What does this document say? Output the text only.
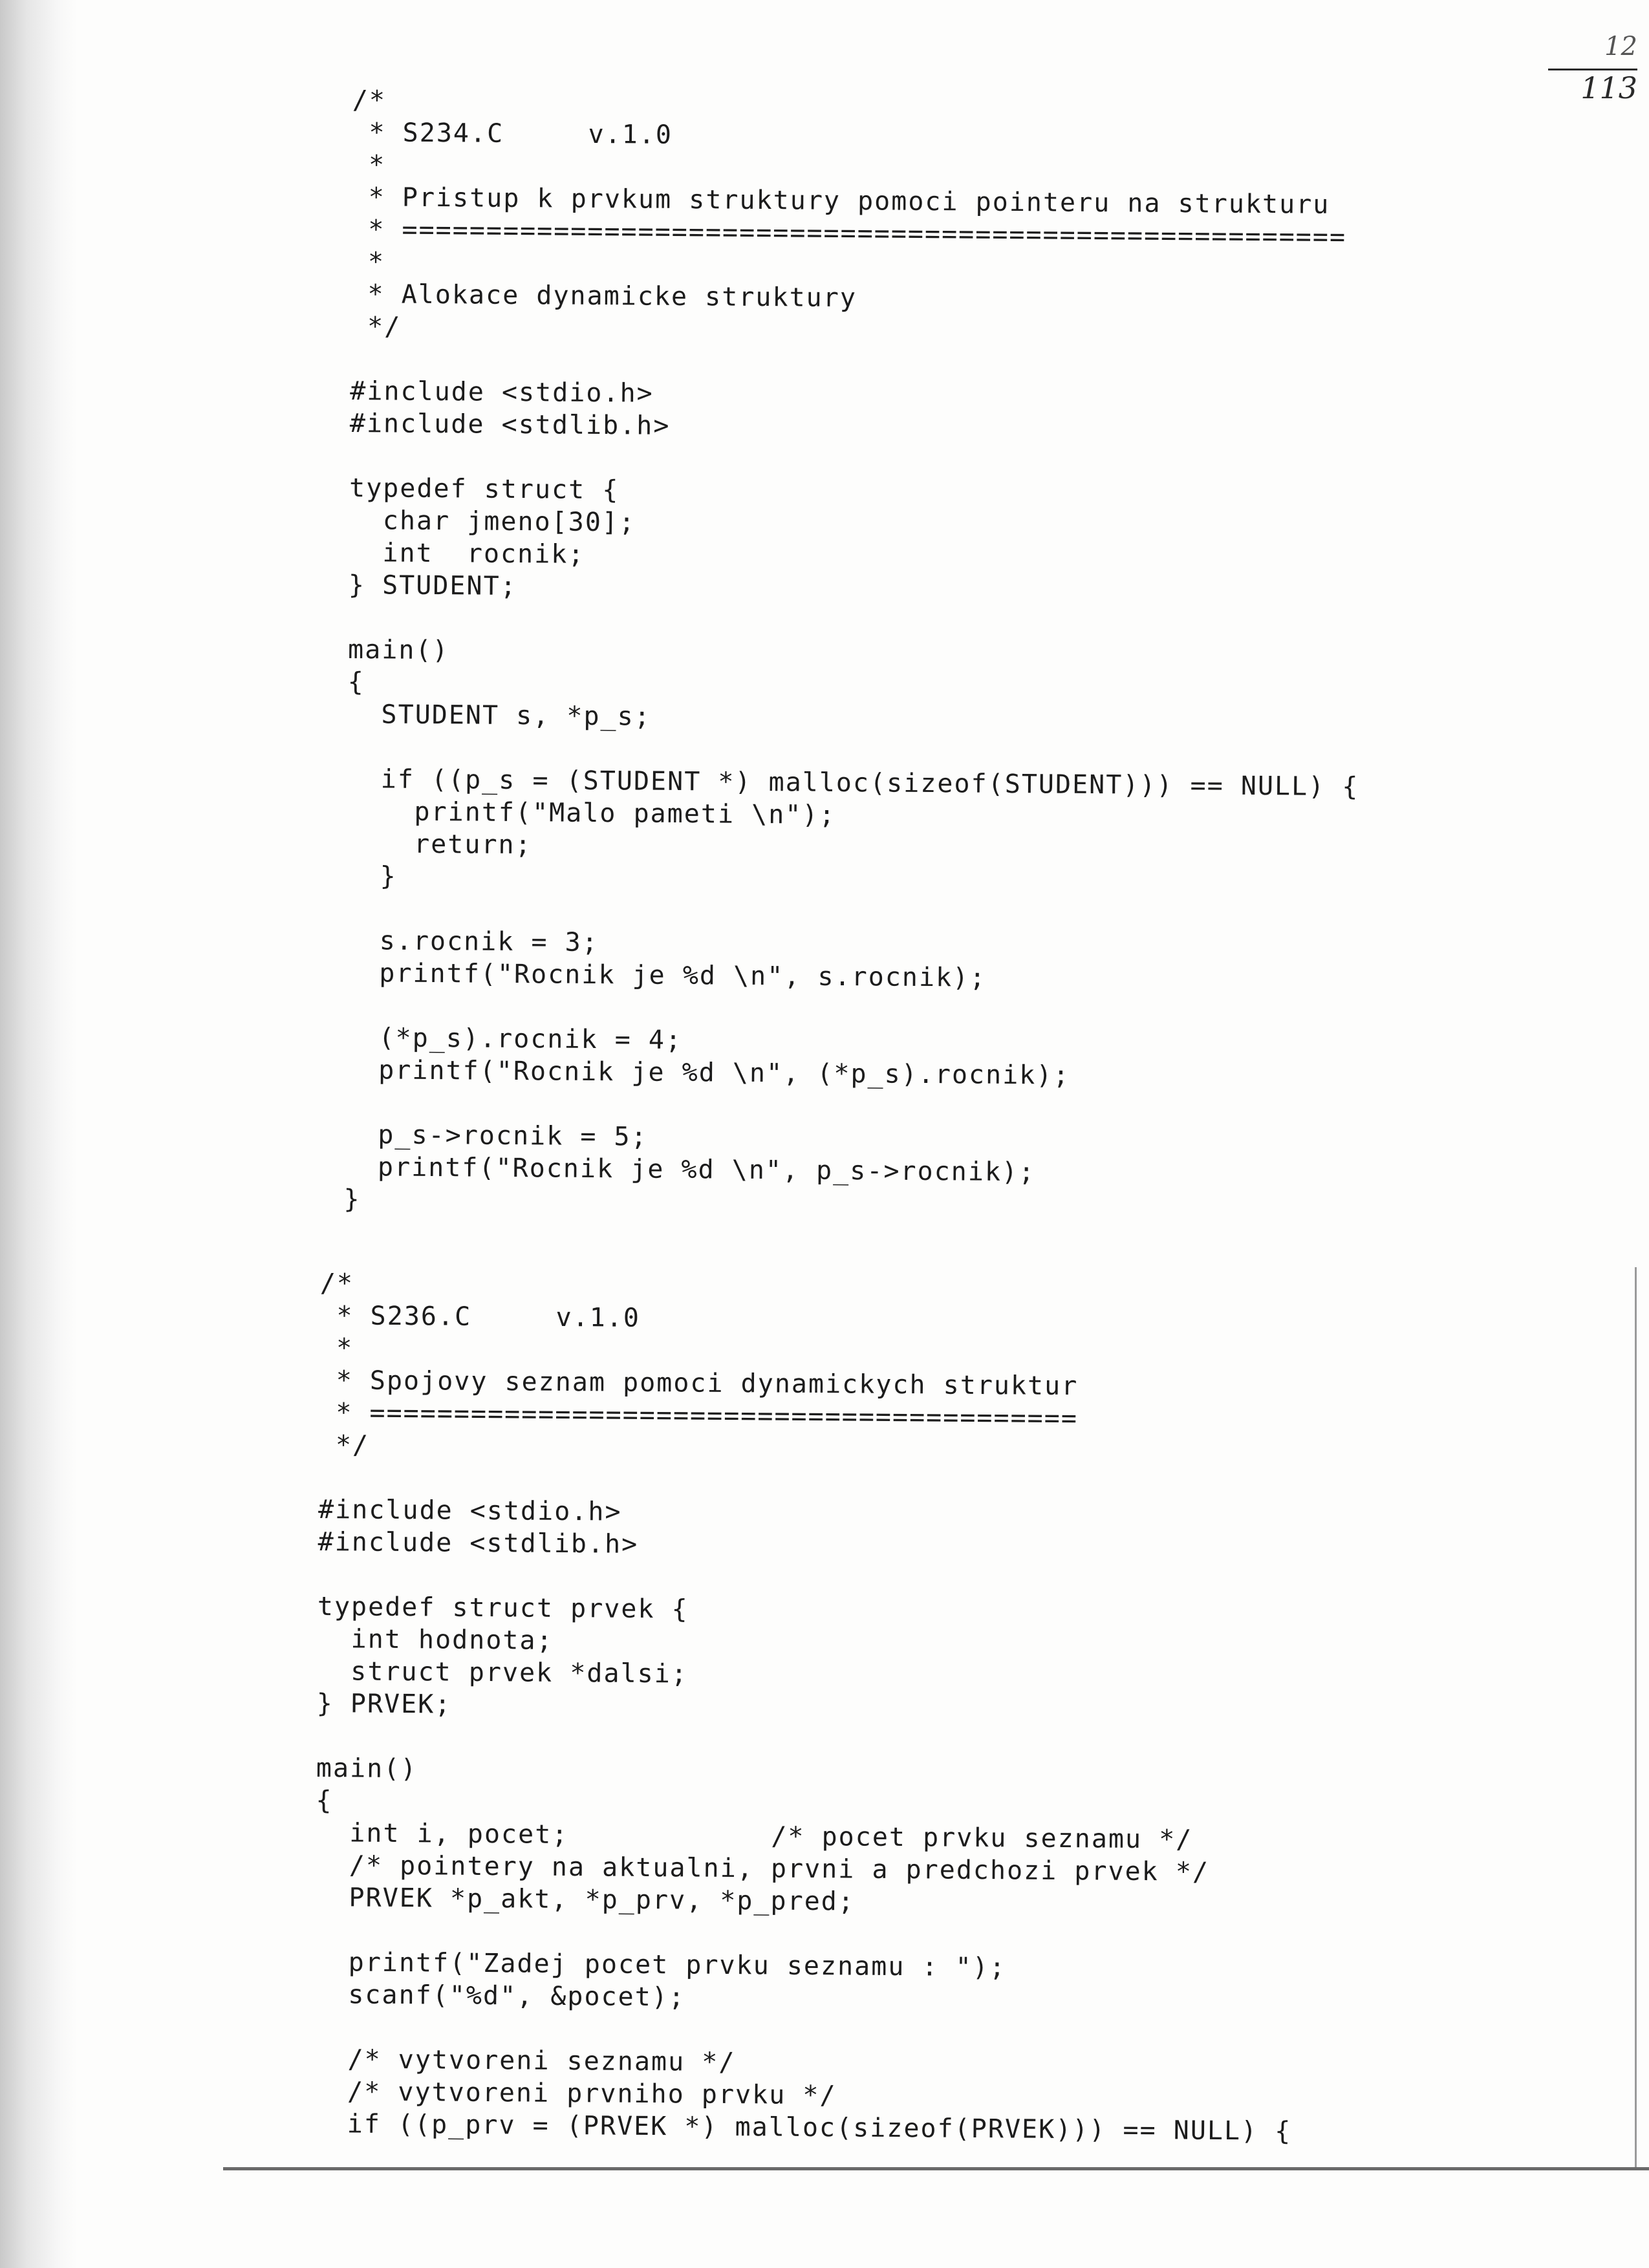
12
113
/*
* S234.C     v.1.0
*
* Pristup k prvkum struktury pomoci pointeru na strukturu
* ========================================================
*
* Alokace dynamicke struktury
*/
#include <stdio.h>
#include <stdlib.h>
typedef struct {
char jmeno[30];
int  rocnik;
} STUDENT;
main()
{
STUDENT s, *p_s;
if ((p_s = (STUDENT *) malloc(sizeof(STUDENT))) == NULL) {
printf("Malo pameti \n");
return;
}
s.rocnik = 3;
printf("Rocnik je %d \n", s.rocnik);
(*p_s).rocnik = 4;
printf("Rocnik je %d \n", (*p_s).rocnik);
p_s->rocnik = 5;
printf("Rocnik je %d \n", p_s->rocnik);
}
/*
* S236.C     v.1.0
*
* Spojovy seznam pomoci dynamickych struktur
* ==========================================
*/
#include <stdio.h>
#include <stdlib.h>
typedef struct prvek {
int hodnota;
struct prvek *dalsi;
} PRVEK;
main()
{
int i, pocet;            /* pocet prvku seznamu */
/* pointery na aktualni, prvni a predchozi prvek */
PRVEK *p_akt, *p_prv, *p_pred;
printf("Zadej pocet prvku seznamu : ");
scanf("%d", &pocet);
/* vytvoreni seznamu */
/* vytvoreni prvniho prvku */
if ((p_prv = (PRVEK *) malloc(sizeof(PRVEK))) == NULL) {
